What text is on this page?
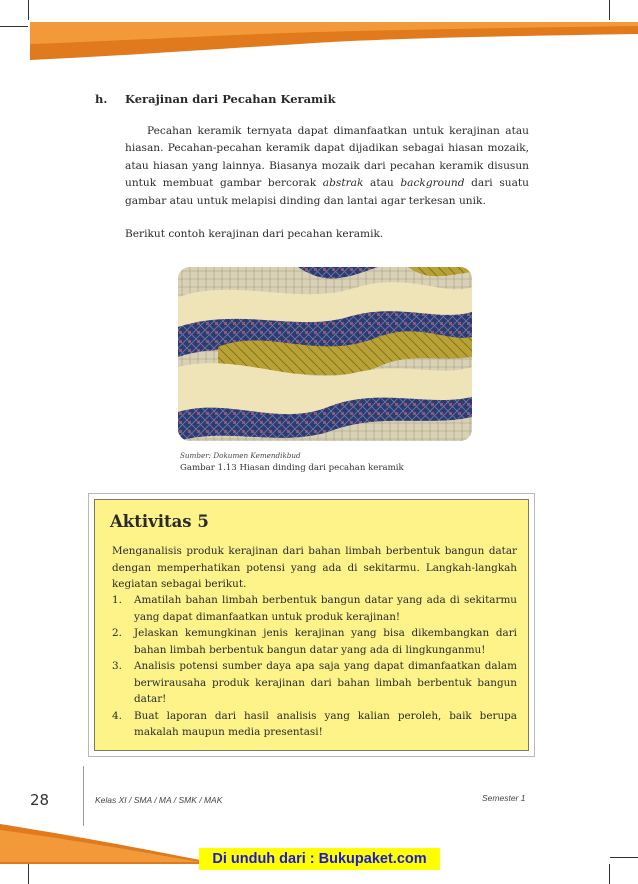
h. Kerajinan dari Pecahan Keramik

Pecahan keramik ternyata dapat dimanfaatkan untuk kerajinan atau hiasan. Pecahan-pecahan keramik dapat dijadikan sebagai hiasan mozaik, atau hiasan yang lainnya. Biasanya mozaik dari pecahan keramik disusun untuk membuat gambar bercorak abstrak atau background dari suatu gambar atau untuk melapisi dinding dan lantai agar terkesan unik.

Berikut contoh kerajinan dari pecahan keramik.

Sumber: Dokumen Kemendikbud
Gambar 1.13 Hiasan dinding dari pecahan keramik
Aktivitas 5

Menganalisis produk kerajinan dari bahan limbah berbentuk bangun datar dengan memperhatikan potensi yang ada di sekitarmu. Langkah-langkah kegiatan sebagai berikut.

1. Amatilah bahan limbah berbentuk bangun datar yang ada di sekitarmu yang dapat dimanfaatkan untuk produk kerajinan!
2. Jelaskan kemungkinan jenis kerajinan yang bisa dikembangkan dari bahan limbah berbentuk bangun datar yang ada di lingkunganmu!
3. Analisis potensi sumber daya apa saja yang dapat dimanfaatkan dalam berwirausaha produk kerajinan dari bahan limbah berbentuk bangun datar!
4. Buat laporan dari hasil analisis yang kalian peroleh, baik berupa makalah maupun media presentasi!
28	Kelas XI / SMA / MA / SMK / MAK	Semester 1
Di unduh dari : Bukupaket.com
